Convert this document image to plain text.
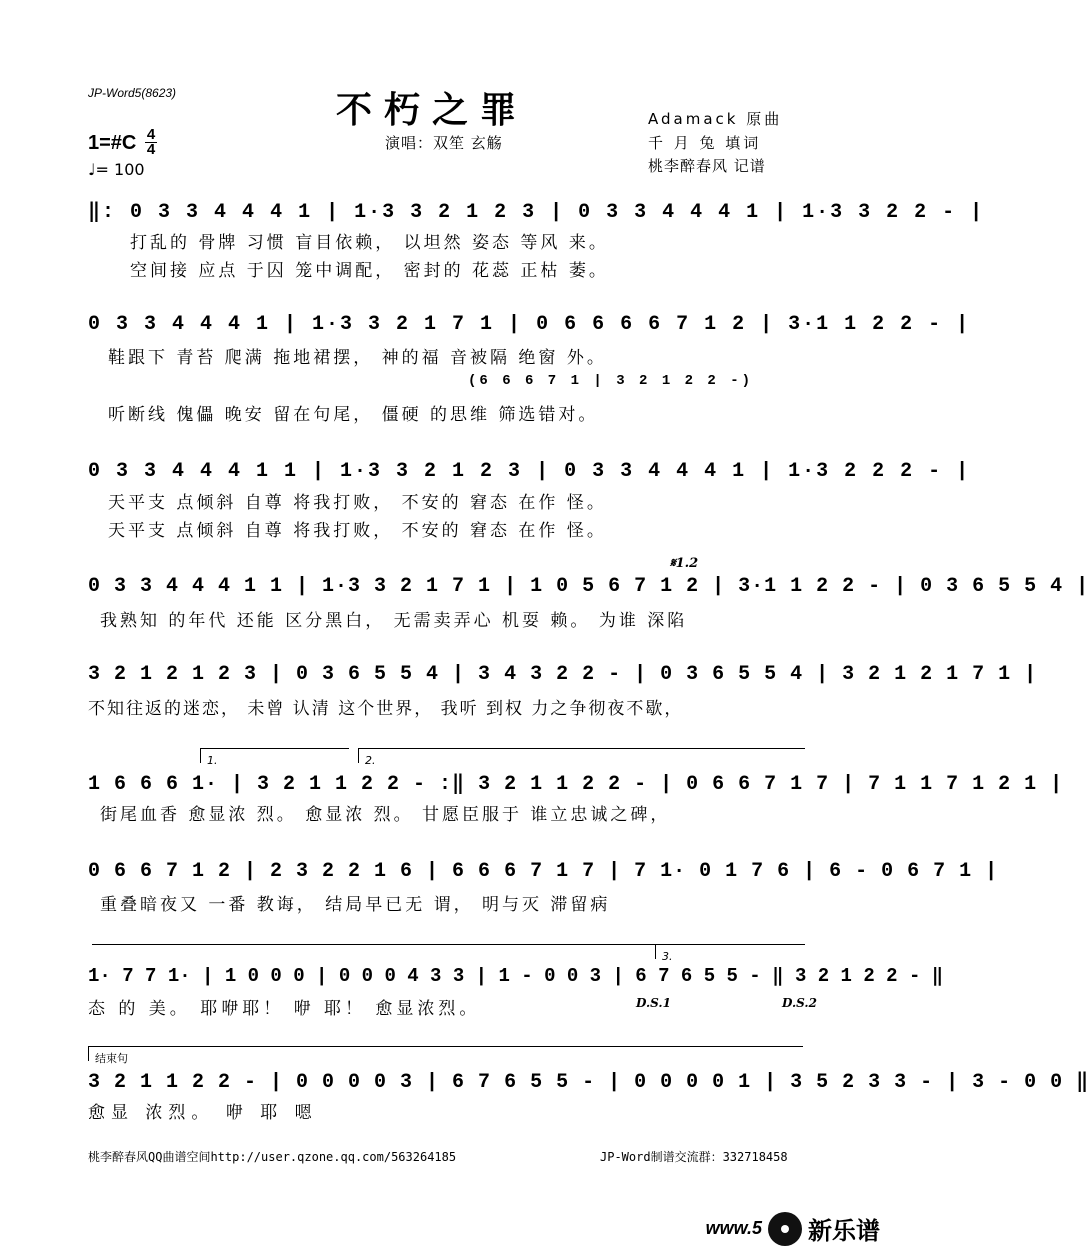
JP-Word5(8623)	不朽之罪
演唱：双笙 玄觞
Adamack 原曲
千 月 兔 填词
桃李醉春风 记谱
1=#C 4
4
♩= 100
‖: 0 3 3 4 4 4 1 | 1·3 3 2 1 2 3 | 0 3 3 4 4 4 1 | 1·3 3 2 2 - |
打乱的 骨牌 习惯 盲目依赖， 以坦然 姿态 等风 来。
空间接 应点 于囚 笼中调配， 密封的 花蕊 正枯 萎。
0 3 3 4 4 4 1 | 1·3 3 2 1 7 1 | 0 6 6 6 6 7 1 2 | 3·1 1 2 2 - |
鞋跟下 青苔 爬满 拖地裙摆， 神的福 音被隔 绝窗 外。
(6 6 6 7 1 | 3 2 1 2 2 -)
听断线 傀儡 晚安 留在句尾， 僵硬 的思维 筛选错对。
0 3 3 4 4 4 1 1 | 1·3 3 2 1 2 3 | 0 3 3 4 4 4 1 | 1·3 2 2 2 - |
天平支 点倾斜 自尊 将我打败， 不安的 窘态 在作 怪。
天平支 点倾斜 自尊 将我打败， 不安的 窘态 在作 怪。
𝄋1.2
0 3 3 4 4 4 1 1 | 1·3 3 2 1 7 1 | 1 0 5 6 7 1 2 | 3·1 1 2 2 - | 0 3 6 5 5 4 |
我熟知 的年代 还能 区分黑白， 无需卖弄心 机耍 赖。 为谁 深陷
3 2 1 2 1 2 3 | 0 3 6 5 5 4 | 3 4 3 2 2 - | 0 3 6 5 5 4 | 3 2 1 2 1 7 1 |
不知往返的迷恋， 未曾 认清 这个世界， 我听 到权 力之争彻夜不歇，
1.	2.
1 6 6 6 1· | 3 2 1 1 2 2 - :‖ 3 2 1 1 2 2 - | 0 6 6 7 1 7 | 7 1 1 7 1 2 1 |
街尾血香 愈显浓 烈。 愈显浓 烈。 甘愿臣服于 谁立忠诚之碑，
0 6 6 7 1 2 | 2 3 2 2 1 6 | 6 6 6 7 1 7 | 7 1· 0 1 7 6 | 6 - 0 6 7 1 |
重叠暗夜又 一番 教诲， 结局早已无 谓， 明与灭 滞留病
3.
1· 7 7 1· | 1 0 0 0 | 0 0 0 4 3 3 | 1 - 0 0 3 | 6 7 6 5 5 - ‖ 3 2 1 2 2 - ‖
态 的 美。 耶咿耶！ 咿 耶！ 愈显浓烈。	D.S.1	D.S.2
结束句
3 2 1 1 2 2 - | 0 0 0 0 3 | 6 7 6 5 5 - | 0 0 0 0 1 | 3 5 2 3 3 - | 3 - 0 0 ‖
愈显 浓烈。 咿 耶 嗯
桃李醉春风QQ曲谱空间http://user.qzone.qq.com/563264185	JP-Word制谱交流群：332718458
www.5 新乐谱
